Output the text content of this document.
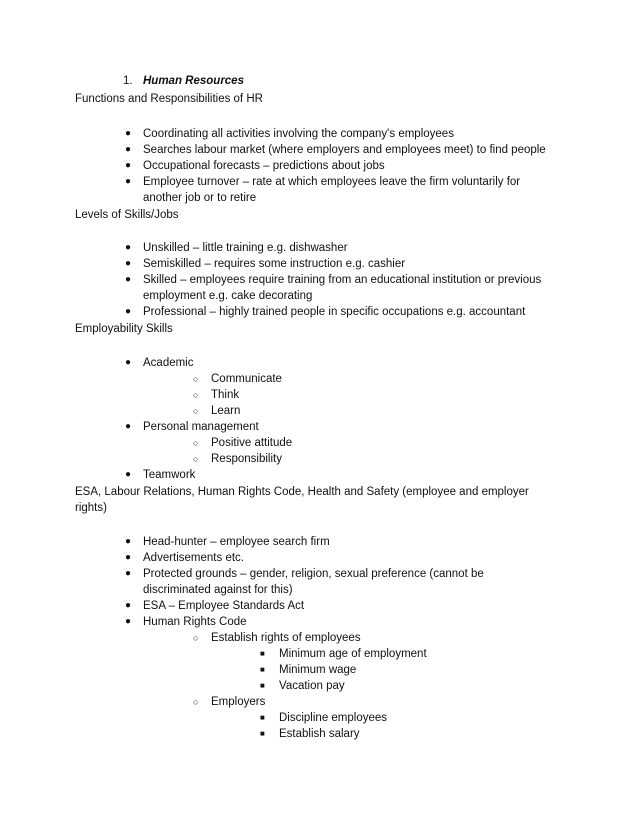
1. Human Resources
Functions and Responsibilities of HR
● Coordinating all activities involving the company's employees
● Searches labour market (where employers and employees meet) to find people
● Occupational forecasts – predictions about jobs
● Employee turnover – rate at which employees leave the firm voluntarily for
another job or to retire
Levels of Skills/Jobs
● Unskilled – little training e.g. dishwasher
● Semiskilled – requires some instruction e.g. cashier
● Skilled – employees require training from an educational institution or previous
employment e.g. cake decorating
● Professional – highly trained people in specific occupations e.g. accountant
Employability Skills
● Academic
○ Communicate
○ Think
○ Learn
● Personal management
○ Positive attitude
○ Responsibility
● Teamwork
ESA, Labour Relations, Human Rights Code, Health and Safety (employee and employer
rights)
● Head-hunter – employee search firm
● Advertisements etc.
● Protected grounds – gender, religion, sexual preference (cannot be
discriminated against for this)
● ESA – Employee Standards Act
● Human Rights Code
○ Establish rights of employees
■ Minimum age of employment
■ Minimum wage
■ Vacation pay
○ Employers
■ Discipline employees
■ Establish salary
